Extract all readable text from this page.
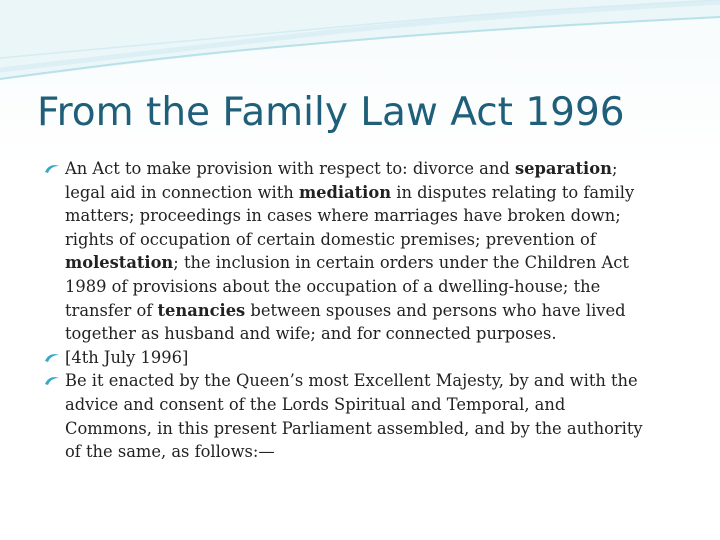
From the Family Law Act 1996
An Act to make provision with respect to: divorce and separation;
legal aid in connection with mediation in disputes relating to family
matters; proceedings in cases where marriages have broken down;
rights of occupation of certain domestic premises; prevention of
molestation; the inclusion in certain orders under the Children Act
1989 of provisions about the occupation of a dwelling-house; the
transfer of tenancies between spouses and persons who have lived
together as husband and wife; and for connected purposes.
[4th July 1996]
Be it enacted by the Queen’s most Excellent Majesty, by and with the
advice and consent of the Lords Spiritual and Temporal, and
Commons, in this present Parliament assembled, and by the authority
of the same, as follows:—
